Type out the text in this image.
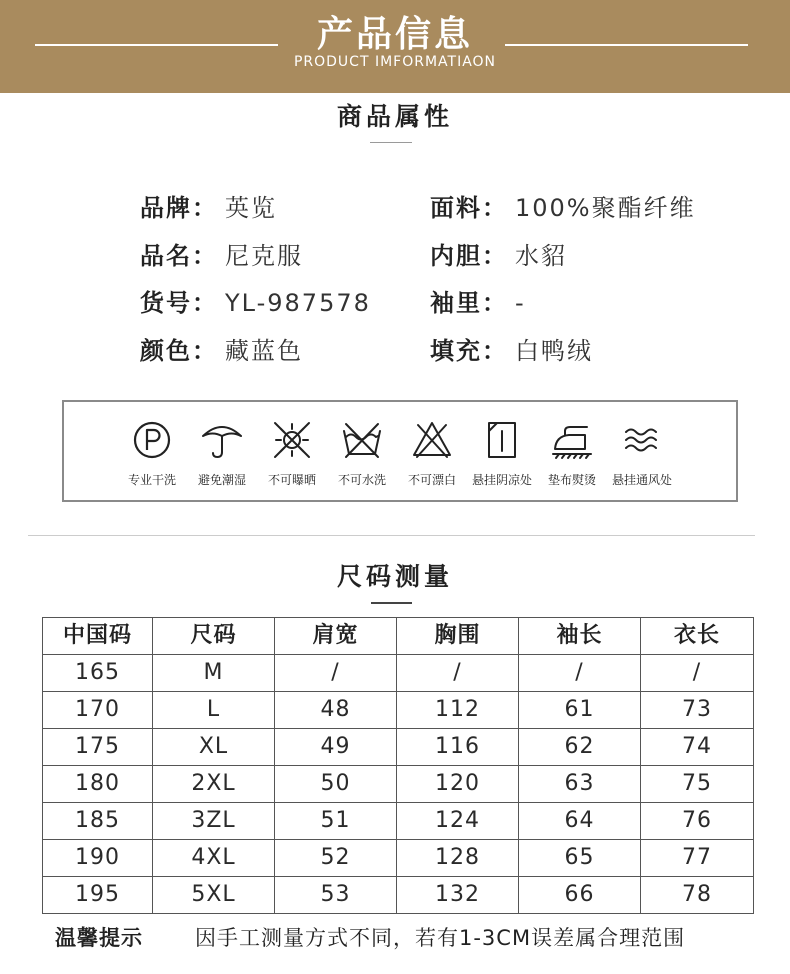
产品信息
PRODUCT IMFORMATIAON
商品属性
品牌： 英览	面料： 100%聚酯纤维
品名： 尼克服	内胆： 水貂
货号： YL-987578	袖里： -
颜色： 藏蓝色	填充： 白鸭绒
专业干洗	避免潮湿	不可曝晒	不可水洗	不可漂白	悬挂阴凉处	垫布熨烫	悬挂通风处
尺码测量
中国码	尺码	肩宽	胸围	袖长	衣长
165	M	/	/	/	/
170	L	48	112	61	73
175	XL	49	116	62	74
180	2XL	50	120	63	75
185	3ZL	51	124	64	76
190	4XL	52	128	65	77
195	5XL	53	132	66	78
温馨提示 因手工测量方式不同，若有1-3CM误差属合理范围
